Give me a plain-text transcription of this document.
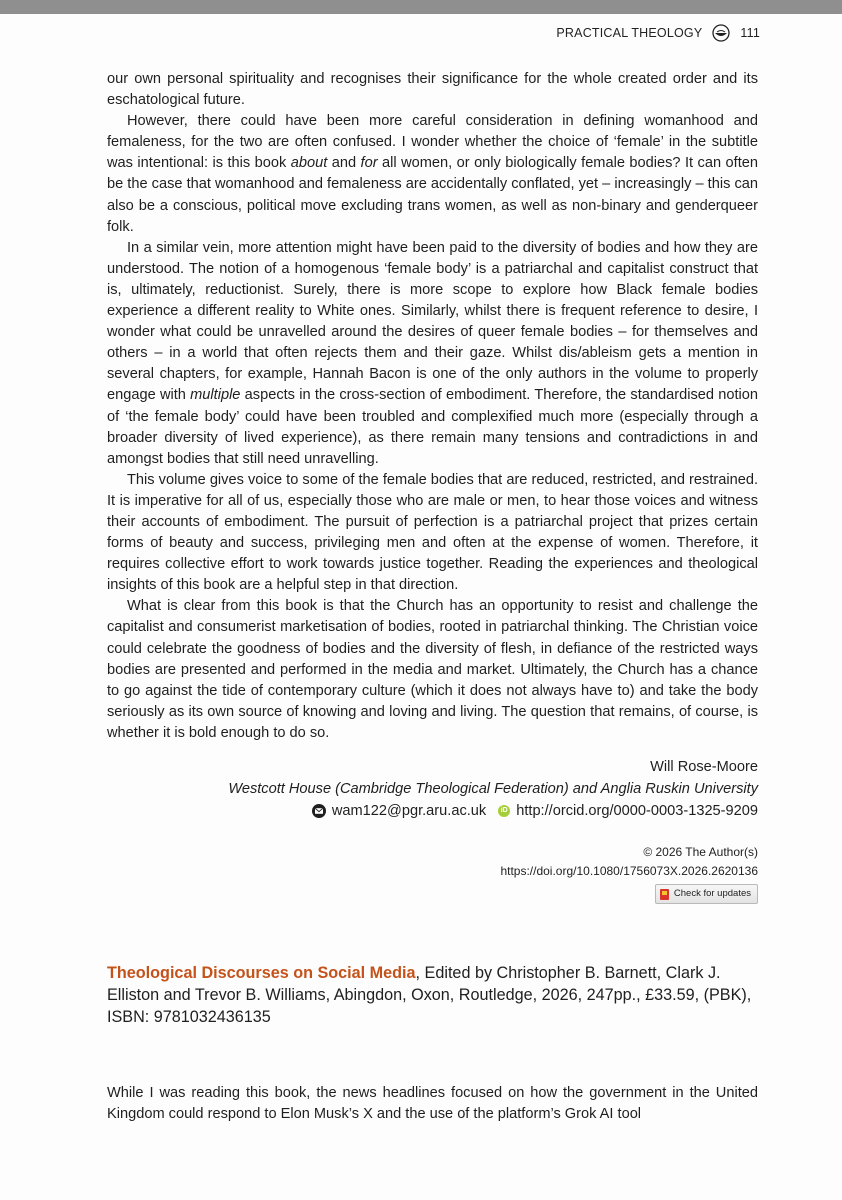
PRACTICAL THEOLOGY	111

our own personal spirituality and recognises their significance for the whole created order and its eschatological future.

However, there could have been more careful consideration in defining womanhood and femaleness, for the two are often confused. I wonder whether the choice of ‘female’ in the subtitle was intentional: is this book about and for all women, or only biologically female bodies? It can often be the case that womanhood and femaleness are accidentally conflated, yet – increasingly – this can also be a conscious, political move excluding trans women, as well as non-binary and genderqueer folk.

In a similar vein, more attention might have been paid to the diversity of bodies and how they are understood. The notion of a homogenous ‘female body’ is a patriarchal and capitalist construct that is, ultimately, reductionist. Surely, there is more scope to explore how Black female bodies experience a different reality to White ones. Similarly, whilst there is frequent reference to desire, I wonder what could be unravelled around the desires of queer female bodies – for themselves and others – in a world that often rejects them and their gaze. Whilst dis/ableism gets a mention in several chapters, for example, Hannah Bacon is one of the only authors in the volume to properly engage with multiple aspects in the cross-section of embodiment. Therefore, the standardised notion of ‘the female body’ could have been troubled and complexified much more (especially through a broader diversity of lived experience), as there remain many tensions and contradictions in and amongst bodies that still need unravelling.

This volume gives voice to some of the female bodies that are reduced, restricted, and restrained. It is imperative for all of us, especially those who are male or men, to hear those voices and witness their accounts of embodiment. The pursuit of perfection is a patriarchal project that prizes certain forms of beauty and success, privileging men and often at the expense of women. Therefore, it requires collective effort to work towards justice together. Reading the experiences and theological insights of this book are a helpful step in that direction.

What is clear from this book is that the Church has an opportunity to resist and challenge the capitalist and consumerist marketisation of bodies, rooted in patriarchal thinking. The Christian voice could celebrate the goodness of bodies and the diversity of flesh, in defiance of the restricted ways bodies are presented and performed in the media and market. Ultimately, the Church has a chance to go against the tide of contemporary culture (which it does not always have to) and take the body seriously as its own source of knowing and loving and living. The question that remains, of course, is whether it is bold enough to do so.

Will Rose-Moore
Westcott House (Cambridge Theological Federation) and Anglia Ruskin University
wam122@pgr.aru.ac.uk	iD http://orcid.org/0000-0003-1325-9209
© 2026 The Author(s)
https://doi.org/10.1080/1756073X.2026.2620136
Check for updates
Theological Discourses on Social Media, Edited by Christopher B. Barnett, Clark J. Elliston and Trevor B. Williams, Abingdon, Oxon, Routledge, 2026, 247pp., £33.59, (PBK), ISBN: 9781032436135

While I was reading this book, the news headlines focused on how the government in the United Kingdom could respond to Elon Musk’s X and the use of the platform’s Grok AI tool
